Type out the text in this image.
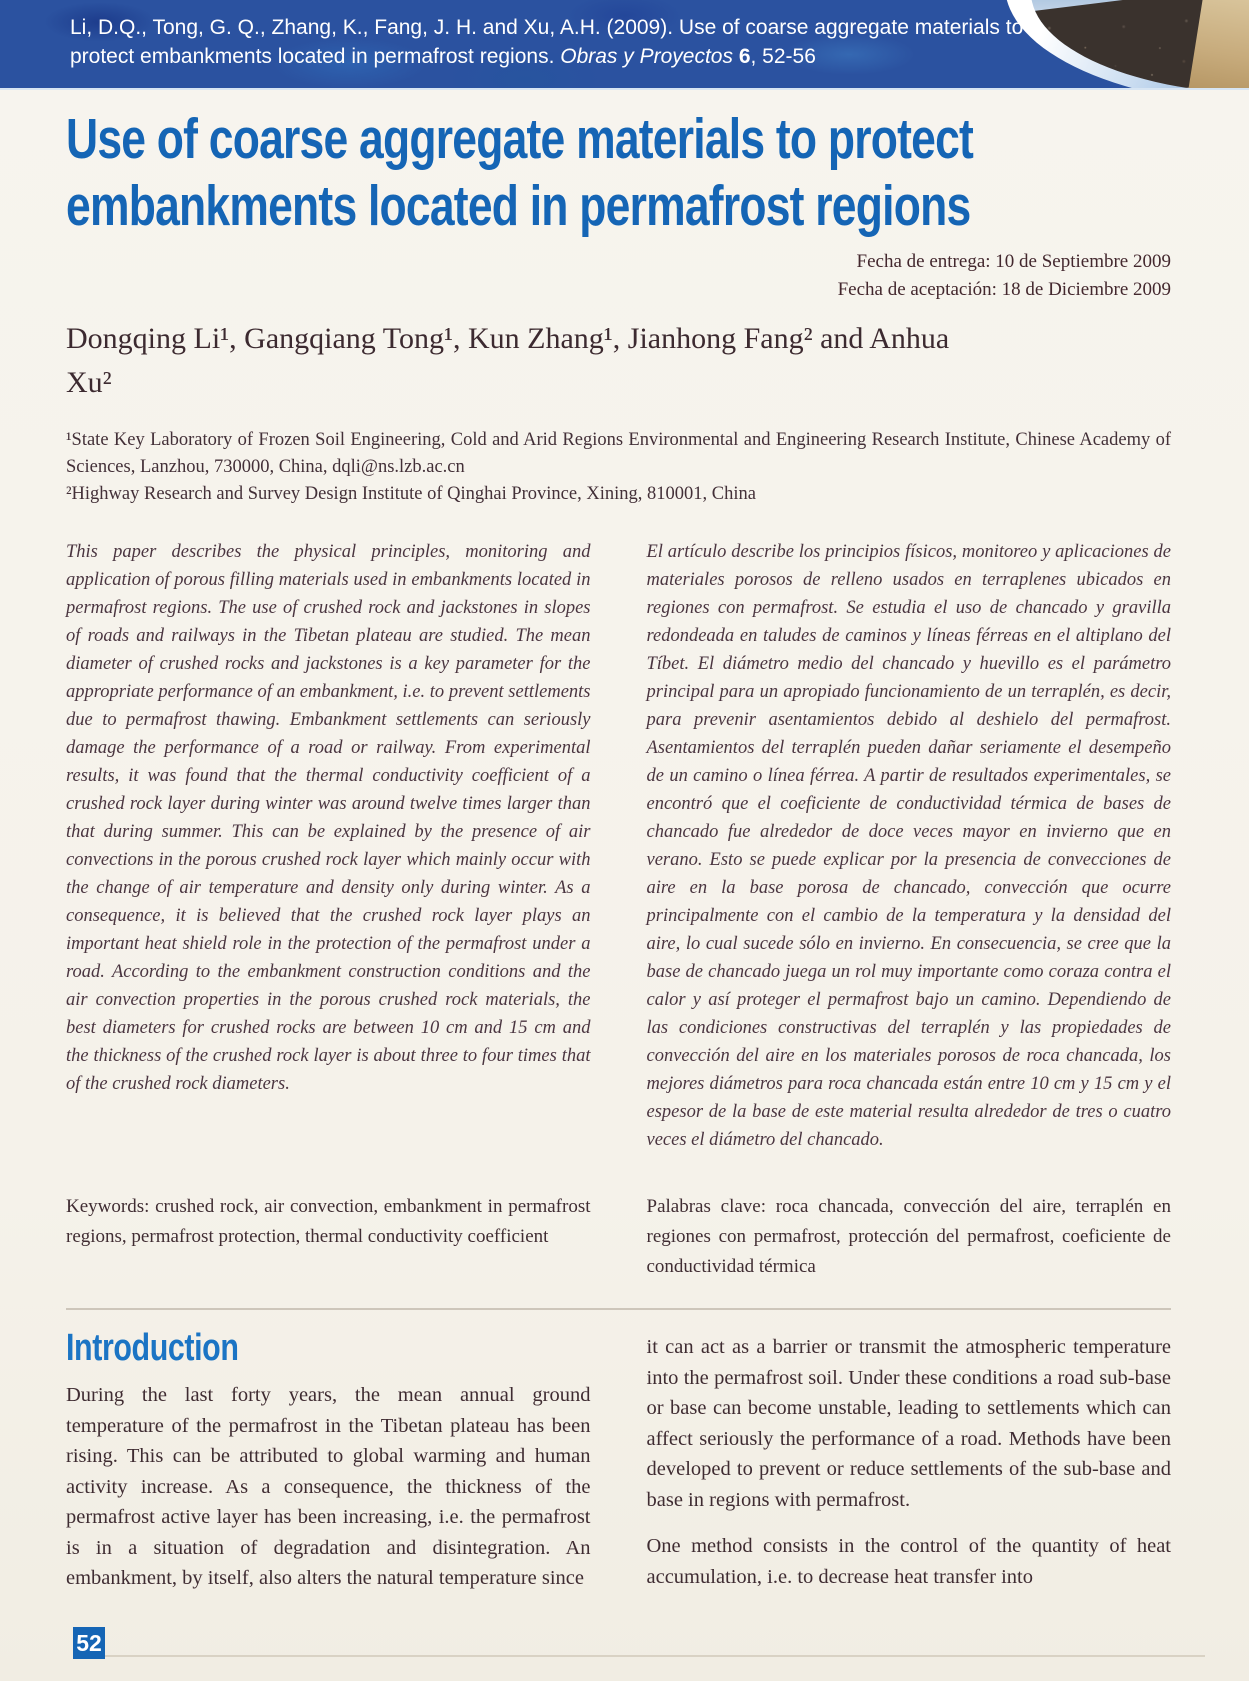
Li, D.Q., Tong, G. Q., Zhang, K., Fang, J. H. and Xu, A.H. (2009). Use of coarse aggregate materials to
protect embankments located in permafrost regions. Obras y Proyectos 6, 52-56
Use of coarse aggregate materials to protect
embankments located in permafrost regions
Fecha de entrega: 10 de Septiembre 2009
Fecha de aceptación: 18 de Diciembre 2009
Dongqing Li¹, Gangqiang Tong¹, Kun Zhang¹, Jianhong Fang² and Anhua
Xu²
¹State Key Laboratory of Frozen Soil Engineering, Cold and Arid Regions Environmental and Engineering Research Institute, Chinese Academy of Sciences, Lanzhou, 730000, China, dqli@ns.lzb.ac.cn
²Highway Research and Survey Design Institute of Qinghai Province, Xining, 810001, China

This paper describes the physical principles, monitoring and application of porous filling materials used in embankments located in permafrost regions. The use of crushed rock and jackstones in slopes of roads and railways in the Tibetan plateau are studied. The mean diameter of crushed rocks and jackstones is a key parameter for the appropriate performance of an embankment, i.e. to prevent settlements due to permafrost thawing. Embankment settlements can seriously damage the performance of a road or railway. From experimental results, it was found that the thermal conductivity coefficient of a crushed rock layer during winter was around twelve times larger than that during summer. This can be explained by the presence of air convections in the porous crushed rock layer which mainly occur with the change of air temperature and density only during winter. As a consequence, it is believed that the crushed rock layer plays an important heat shield role in the protection of the permafrost under a road. According to the embankment construction conditions and the air convection properties in the porous crushed rock materials, the best diameters for crushed rocks are between 10 cm and 15 cm and the thickness of the crushed rock layer is about three to four times that of the crushed rock diameters.

El artículo describe los principios físicos, monitoreo y aplicaciones de materiales porosos de relleno usados en terraplenes ubicados en regiones con permafrost. Se estudia el uso de chancado y gravilla redondeada en taludes de caminos y líneas férreas en el altiplano del Tíbet. El diámetro medio del chancado y huevillo es el parámetro principal para un apropiado funcionamiento de un terraplén, es decir, para prevenir asentamientos debido al deshielo del permafrost. Asentamientos del terraplén pueden dañar seriamente el desempeño de un camino o línea férrea. A partir de resultados experimentales, se encontró que el coeficiente de conductividad térmica de bases de chancado fue alrededor de doce veces mayor en invierno que en verano. Esto se puede explicar por la presencia de convecciones de aire en la base porosa de chancado, convección que ocurre principalmente con el cambio de la temperatura y la densidad del aire, lo cual sucede sólo en invierno. En consecuencia, se cree que la base de chancado juega un rol muy importante como coraza contra el calor y así proteger el permafrost bajo un camino. Dependiendo de las condiciones constructivas del terraplén y las propiedades de convección del aire en los materiales porosos de roca chancada, los mejores diámetros para roca chancada están entre 10 cm y 15 cm y el espesor de la base de este material resulta alrededor de tres o cuatro veces el diámetro del chancado.

Keywords: crushed rock, air convection, embankment in permafrost regions, permafrost protection, thermal conductivity coefficient

Palabras clave: roca chancada, convección del aire, terraplén en regiones con permafrost, protección del permafrost, coeficiente de conductividad térmica

Introduction

During the last forty years, the mean annual ground temperature of the permafrost in the Tibetan plateau has been rising. This can be attributed to global warming and human activity increase. As a consequence, the thickness of the permafrost active layer has been increasing, i.e. the permafrost is in a situation of degradation and disintegration. An embankment, by itself, also alters the natural temperature since

it can act as a barrier or transmit the atmospheric temperature into the permafrost soil. Under these conditions a road sub-base or base can become unstable, leading to settlements which can affect seriously the performance of a road. Methods have been developed to prevent or reduce settlements of the sub-base and base in regions with permafrost.

One method consists in the control of the quantity of heat accumulation, i.e. to decrease heat transfer into

52
